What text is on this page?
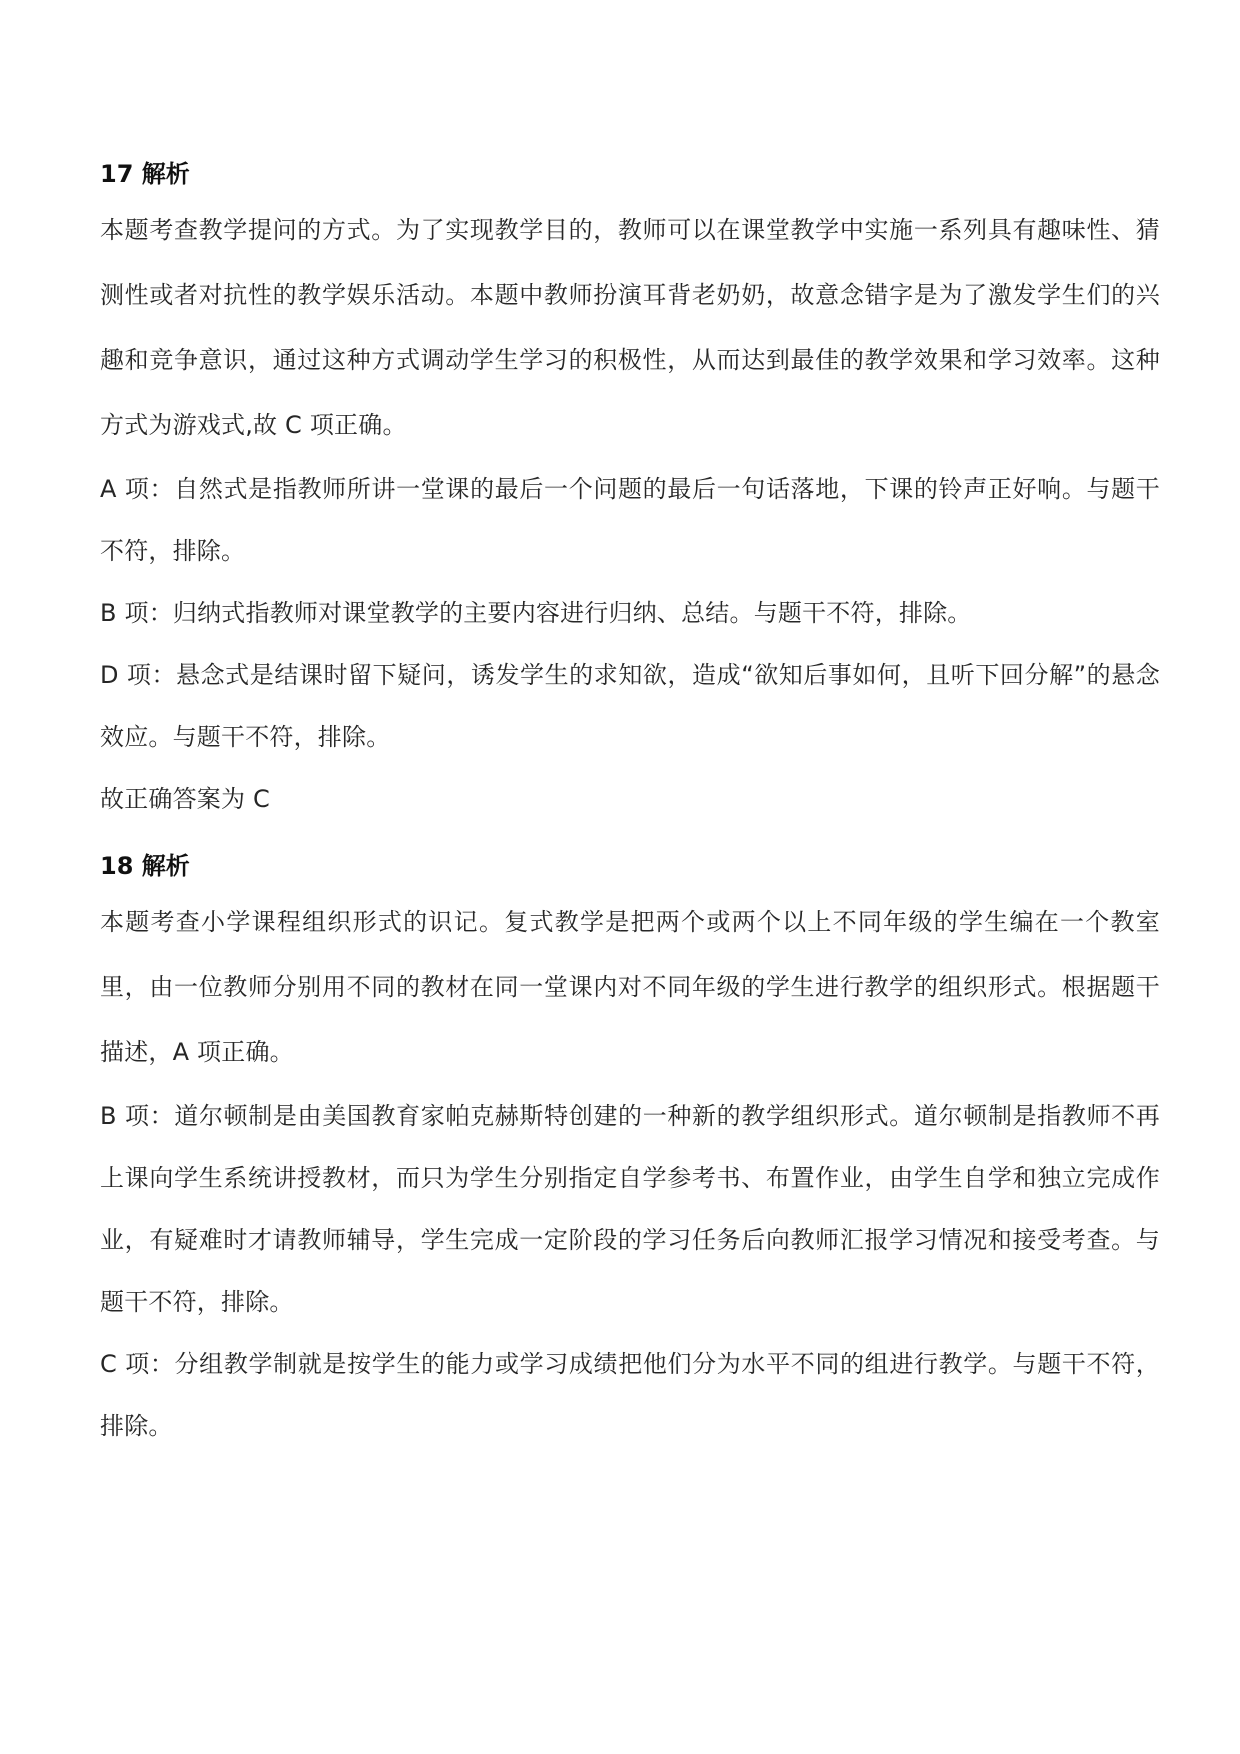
17 解析

本题考查教学提问的方式。为了实现教学目的，教师可以在课堂教学中实施一系列具有趣味性、猜测性或者对抗性的教学娱乐活动。本题中教师扮演耳背老奶奶，故意念错字是为了激发学生们的兴趣和竞争意识，通过这种方式调动学生学习的积极性，从而达到最佳的教学效果和学习效率。这种方式为游戏式,故 C 项正确。

A 项：自然式是指教师所讲一堂课的最后一个问题的最后一句话落地，下课的铃声正好响。与题干不符，排除。

B 项：归纳式指教师对课堂教学的主要内容进行归纳、总结。与题干不符，排除。

D 项：悬念式是结课时留下疑问，诱发学生的求知欲，造成“欲知后事如何，且听下回分解”的悬念效应。与题干不符，排除。

故正确答案为 C

18 解析

本题考查小学课程组织形式的识记。复式教学是把两个或两个以上不同年级的学生编在一个教室里，由一位教师分别用不同的教材在同一堂课内对不同年级的学生进行教学的组织形式。根据题干描述，A 项正确。

B 项：道尔顿制是由美国教育家帕克赫斯特创建的一种新的教学组织形式。道尔顿制是指教师不再上课向学生系统讲授教材，而只为学生分别指定自学参考书、布置作业，由学生自学和独立完成作业，有疑难时才请教师辅导，学生完成一定阶段的学习任务后向教师汇报学习情况和接受考查。与题干不符，排除。

C 项：分组教学制就是按学生的能力或学习成绩把他们分为水平不同的组进行教学。与题干不符，排除。
